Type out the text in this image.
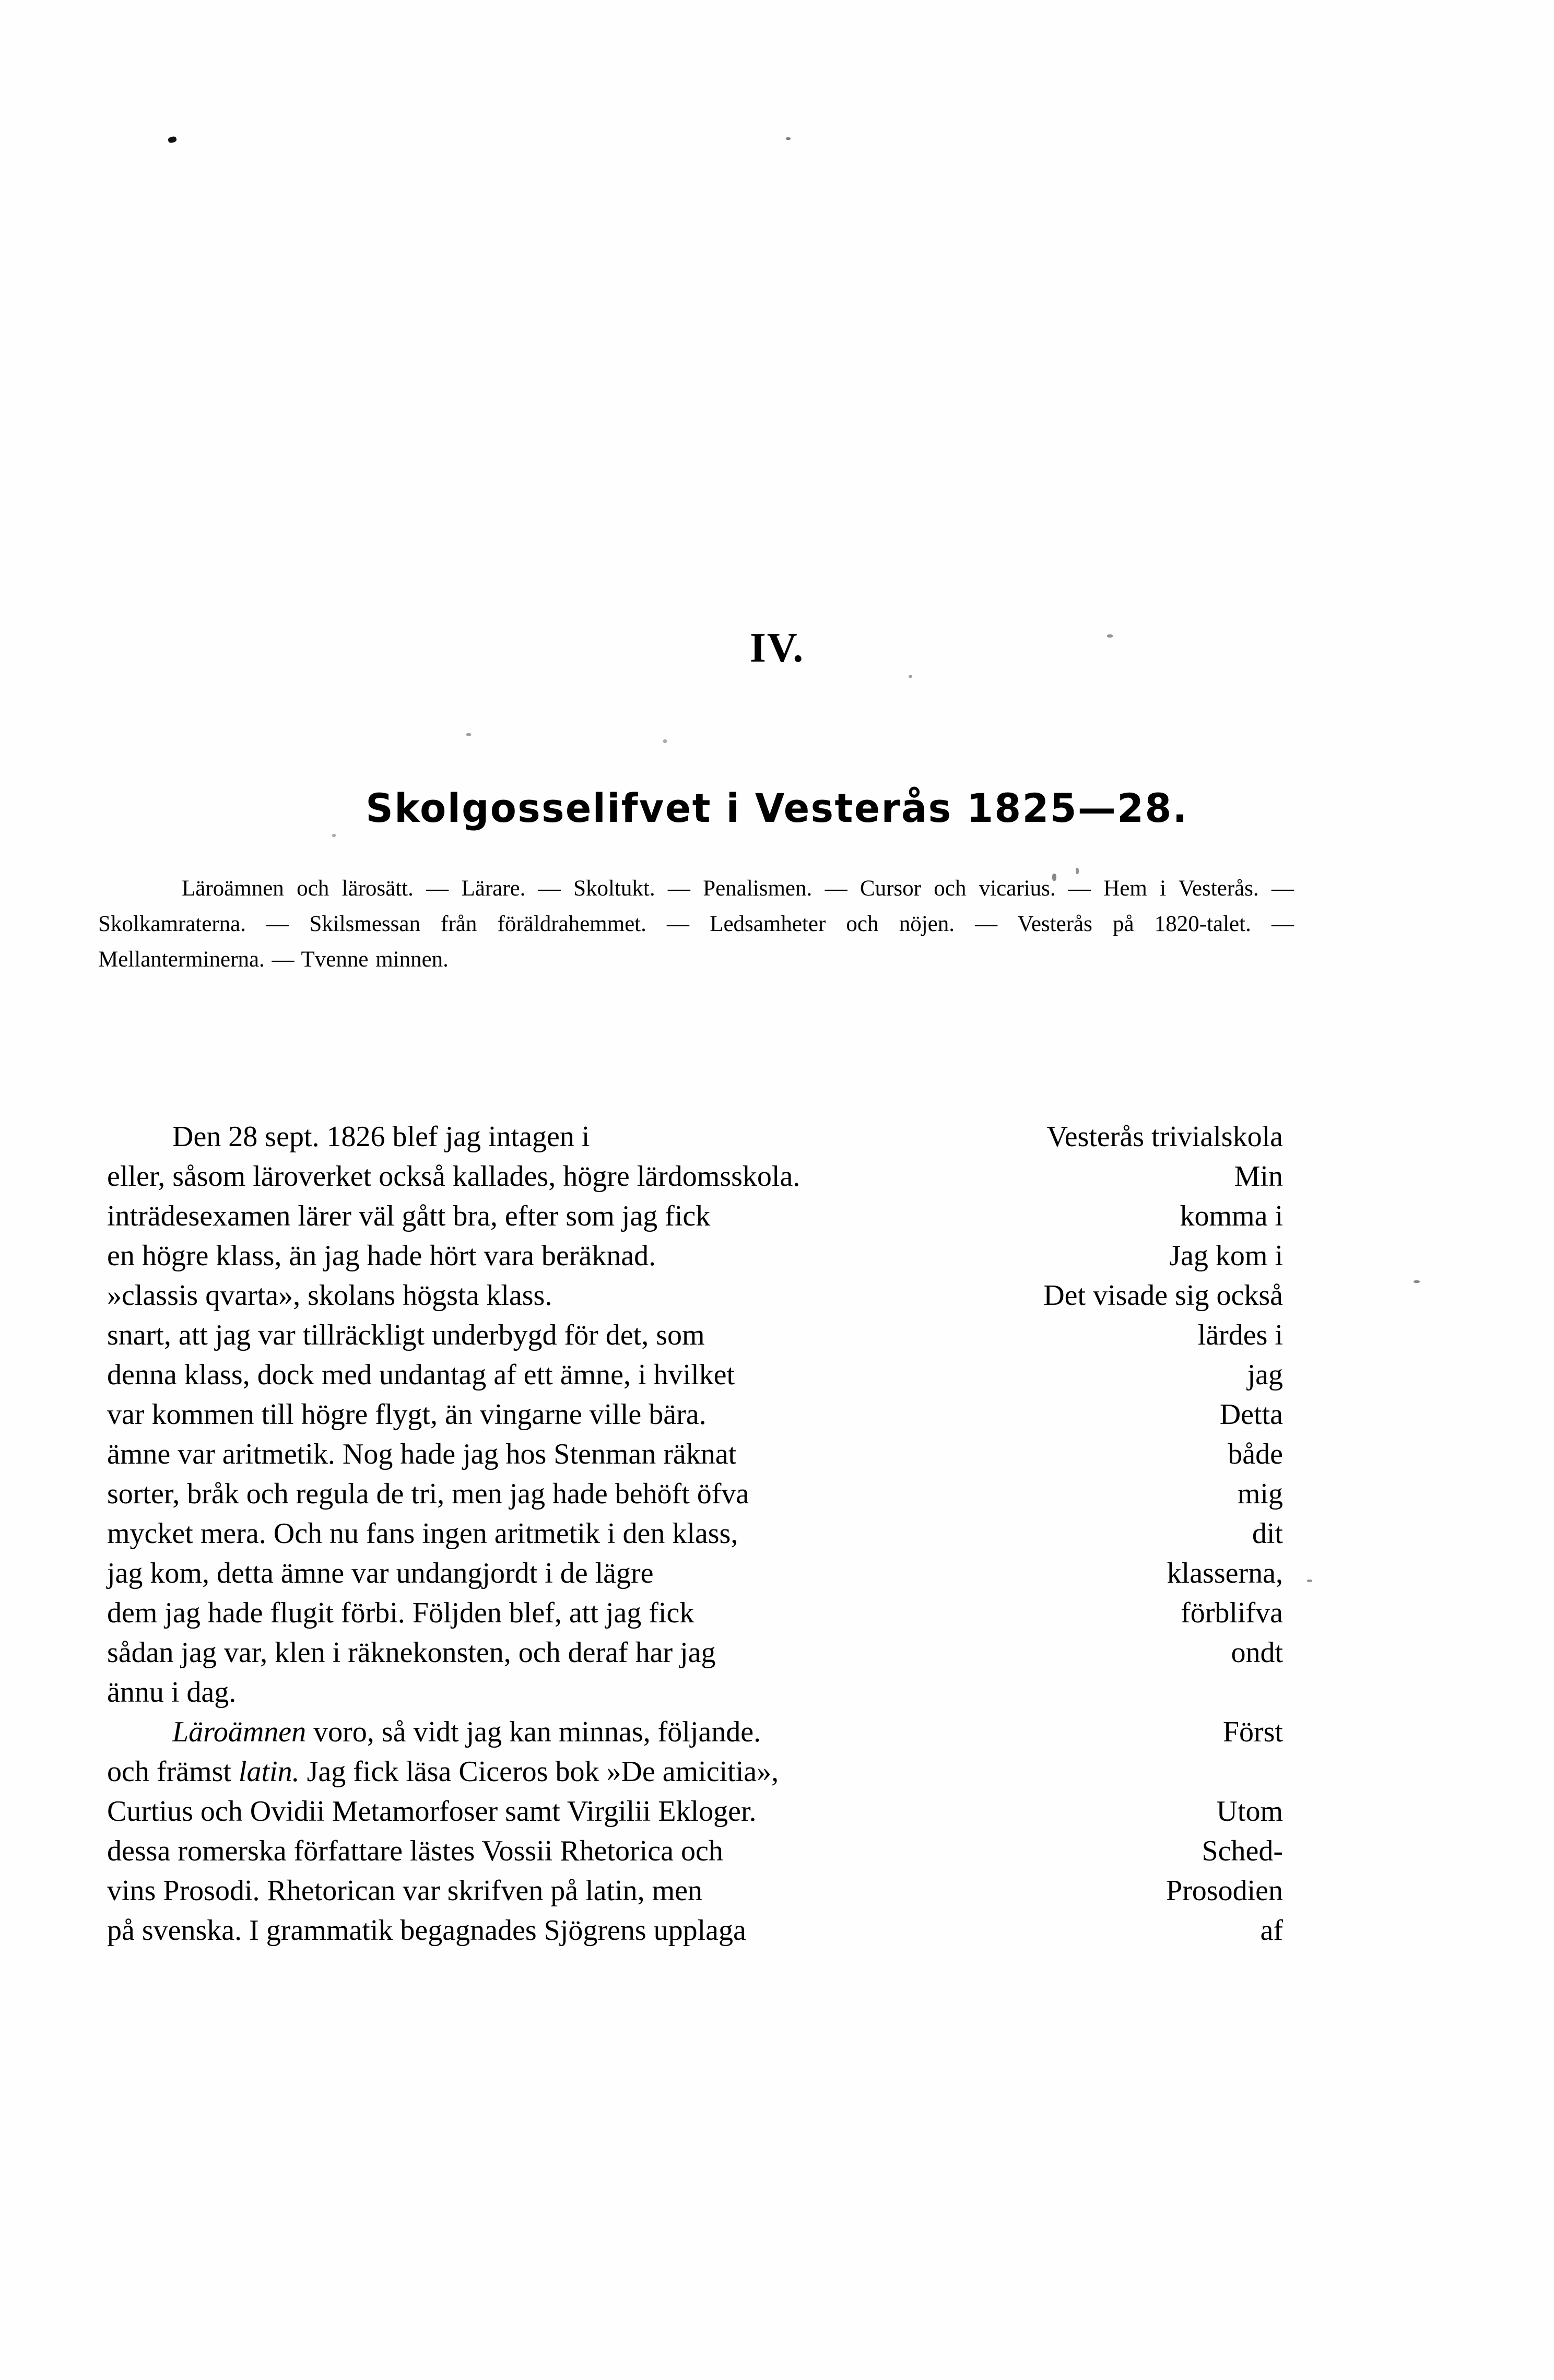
IV.
Skolgosselifvet i Vesterås 1825—28.
Läroämnen och lärosätt. — Lärare. — Skoltukt. — Penalismen. — Cursor och vicarius. — Hem i Vesterås. — Skolkamraterna. — Skilsmessan från föräldrahemmet. — Ledsamheter och nöjen. — Vesterås på 1820-talet. — Mellanterminerna. — Tvenne minnen.
Den 28 sept. 1826 blef jag intagen i	Vesterås trivialskola
eller, såsom läroverket också kallades, högre lärdomsskola.	Min
inträdesexamen lärer väl gått bra, efter som jag fick	komma i
en högre klass, än jag hade hört vara beräknad.	Jag kom i
»classis qvarta», skolans högsta klass.	Det visade sig också
snart, att jag var tillräckligt underbygd för det, som	lärdes i
denna klass, dock med undantag af ett ämne, i hvilket	jag
var kommen till högre flygt, än vingarne ville bära.	Detta
ämne var aritmetik. Nog hade jag hos Stenman räknat	både
sorter, bråk och regula de tri, men jag hade behöft öfva	mig
mycket mera. Och nu fans ingen aritmetik i den klass,	dit
jag kom, detta ämne var undangjordt i de lägre	klasserna,
dem jag hade flugit förbi. Följden blef, att jag fick	förblifva
sådan jag var, klen i räknekonsten, och deraf har jag	ondt
ännu i dag.
Läroämnen voro, så vidt jag kan minnas, följande.	Först
och främst latin. Jag fick läsa Ciceros bok »De amicitia»,
Curtius och Ovidii Metamorfoser samt Virgilii Ekloger.	Utom
dessa romerska författare lästes Vossii Rhetorica och	Sched-
vins Prosodi. Rhetorican var skrifven på latin, men	Prosodien
på svenska. I grammatik begagnades Sjögrens upplaga	af
